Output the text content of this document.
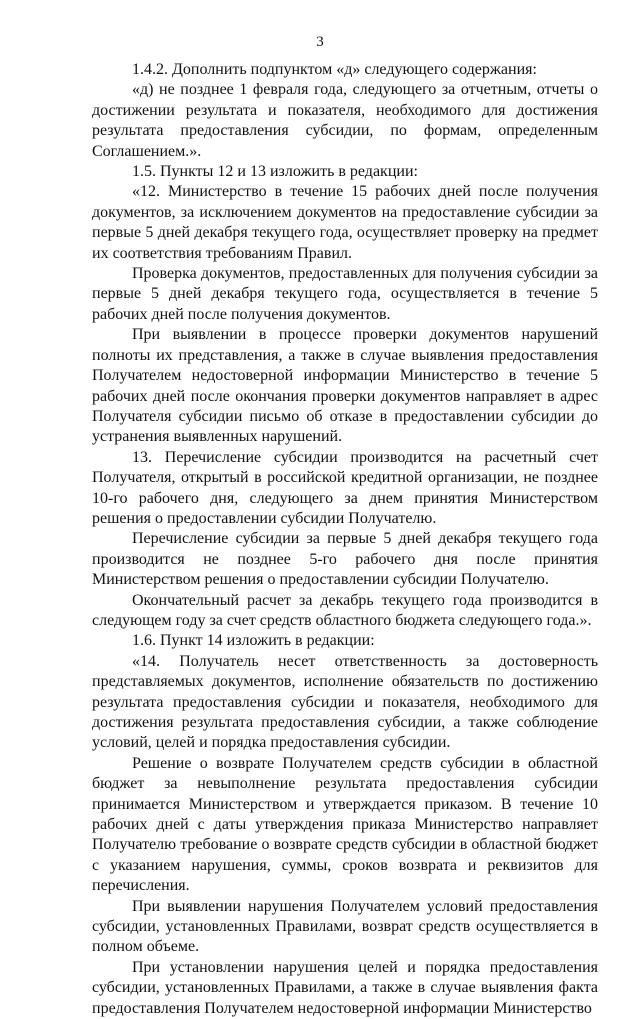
3

1.4.2. Дополнить подпунктом «д» следующего содержания:

«д) не позднее 1 февраля года, следующего за отчетным, отчеты о достижении результата и показателя, необходимого для достижения результата предоставления субсидии, по формам, определенным Соглашением.».

1.5. Пункты 12 и 13 изложить в редакции:

«12. Министерство в течение 15 рабочих дней после получения документов, за исключением документов на предоставление субсидии за первые 5 дней декабря текущего года, осуществляет проверку на предмет их соответствия требованиям Правил.

Проверка документов, предоставленных для получения субсидии за первые 5 дней декабря текущего года, осуществляется в течение 5 рабочих дней после получения документов.

При выявлении в процессе проверки документов нарушений полноты их представления, а также в случае выявления предоставления Получателем недостоверной информации Министерство в течение 5 рабочих дней после окончания проверки документов направляет в адрес Получателя субсидии письмо об отказе в предоставлении субсидии до устранения выявленных нарушений.

13. Перечисление субсидии производится на расчетный счет Получателя, открытый в российской кредитной организации, не позднее 10-го рабочего дня, следующего за днем принятия Министерством решения о предоставлении субсидии Получателю.

Перечисление субсидии за первые 5 дней декабря текущего года производится не позднее 5-го рабочего дня после принятия Министерством решения о предоставлении субсидии Получателю.

Окончательный расчет за декабрь текущего года производится в следующем году за счет средств областного бюджета следующего года.».

1.6. Пункт 14 изложить в редакции:

«14. Получатель несет ответственность за достоверность представляемых документов, исполнение обязательств по достижению результата предоставления субсидии и показателя, необходимого для достижения результата предоставления субсидии, а также соблюдение условий, целей и порядка предоставления субсидии.

Решение о возврате Получателем средств субсидии в областной бюджет за невыполнение результата предоставления субсидии принимается Министерством и утверждается приказом. В течение 10 рабочих дней с даты утверждения приказа Министерство направляет Получателю требование о возврате средств субсидии в областной бюджет с указанием нарушения, суммы, сроков возврата и реквизитов для перечисления.

При выявлении нарушения Получателем условий предоставления субсидии, установленных Правилами, возврат средств осуществляется в полном объеме.

При установлении нарушения целей и порядка предоставления субсидии, установленных Правилами, а также в случае выявления факта предоставления Получателем недостоверной информации Министерство
